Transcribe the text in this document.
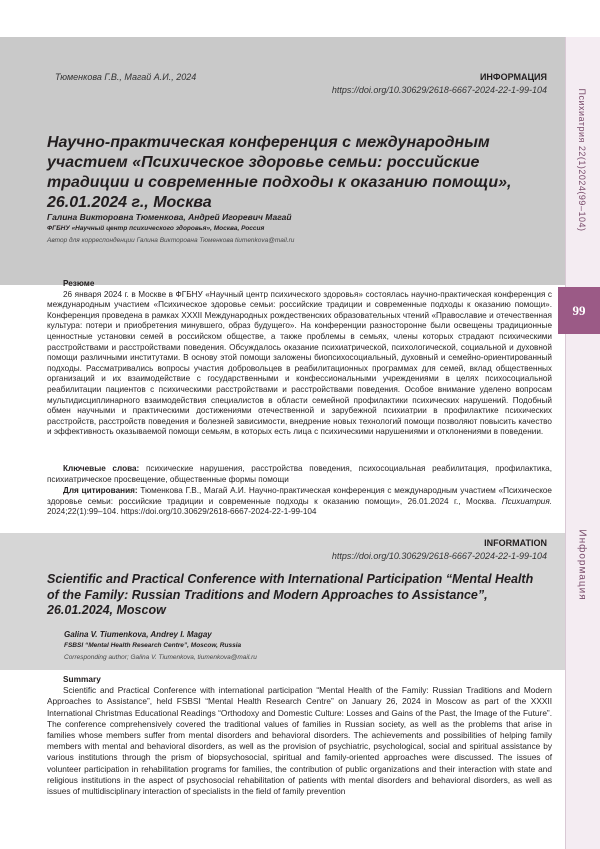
99
Психиатрия 22(1)2024(99–104)
Информация
Тюменкова Г.В., Магай А.И., 2024	ИНФОРМАЦИЯ
https://doi.org/10.30629/2618-6667-2024-22-1-99-104
Научно-практическая конференция с международным участием «Психическое здоровье семьи: российские традиции и современные подходы к оказанию помощи», 26.01.2024 г., Москва
Галина Викторовна Тюменкова, Андрей Игоревич Магай
ФГБНУ «Научный центр психического здоровья», Москва, Россия
Автор для корреспонденции Галина Викторовна Тюменкова tiumenkova@mail.ru
Резюме

26 января 2024 г. в Москве в ФГБНУ «Научный центр психического здоровья» состоялась научно-практическая конференция с международным участием «Психическое здоровье семьи: российские традиции и современные подходы к оказанию помощи». Конференция проведена в рамках XXXII Международных рождественских образовательных чтений «Православие и отечественная культура: потери и приобретения минувшего, образ будущего». На конференции разносторонне были освещены традиционные ценностные установки семей в российском обществе, а также проблемы в семьях, члены которых страдают психическими расстройствами и расстройствами поведения. Обсуждалось оказание психиатрической, психологической, социальной и духовной помощи различными институтами. В основу этой помощи заложены биопсихосоциальный, духовный и семейно-ориентированный подходы. Рассматривались вопросы участия добровольцев в реабилитационных программах для семей, вклад общественных организаций и их взаимодействие с государственными и конфессиональными учреждениями в целях психосоциальной реабилитации пациентов с психическими расстройствами и расстройствами поведения. Особое внимание уделено вопросам мультидисциплинарного взаимодействия специалистов в области семейной профилактики психических нарушений. Подобный обмен научными и практическими достижениями отечественной и зарубежной психиатрии в профилактике психических расстройств, расстройств поведения и болезней зависимости, внедрение новых технологий помощи позволяют повысить качество и эффективность оказываемой помощи семьям, в которых есть лица с психическими нарушениями и отклонениями в поведении.

Ключевые слова: психические нарушения, расстройства поведения, психосоциальная реабилитация, профилактика, психиатрическое просвещение, общественные формы помощи

Для цитирования: Тюменкова Г.В., Магай А.И. Научно-практическая конференция с международным участием «Психическое здоровье семьи: российские традиции и современные подходы к оказанию помощи», 26.01.2024 г., Москва. Психиатрия. 2024;22(1):99–104. https://doi.org/10.30629/2618-6667-2024-22-1-99-104

INFORMATION
https://doi.org/10.30629/2618-6667-2024-22-1-99-104
Scientific and Practical Conference with International Participation “Mental Health of the Family: Russian Traditions and Modern Approaches to Assistance”, 26.01.2024, Moscow
Galina V. Tiumenkova, Andrey I. Magay
FSBSI “Mental Health Research Centre”, Moscow, Russia
Corresponding author; Galina V. Tiumenkova, tiumenkova@mail.ru
Summary

Scientific and Practical Conference with international participation “Mental Health of the Family: Russian Traditions and Modern Approaches to Assistance”, held FSBSI “Mental Health Research Centre” on January 26, 2024 in Moscow as part of the XXXII International Christmas Educational Readings “Orthodoxy and Domestic Culture: Losses and Gains of the Past, the Image of the Future”. The conference comprehensively covered the traditional values of families in Russian society, as well as the problems that arise in families whose members suffer from mental disorders and behavioral disorders. The achievements and possibilities of helping family members with mental and behavioral disorders, as well as the provision of psychiatric, psychological, social and spiritual assistance by various institutions through the prism of biopsychosocial, spiritual and family-oriented approaches were discussed. The issues of volunteer participation in rehabilitation programs for families, the contribution of public organizations and their interaction with state and religious institutions in the aspect of psychosocial rehabilitation of patients with mental disorders and behavioral disorders, as well as issues of multidisciplinary interaction of specialists in the field of family prevention
